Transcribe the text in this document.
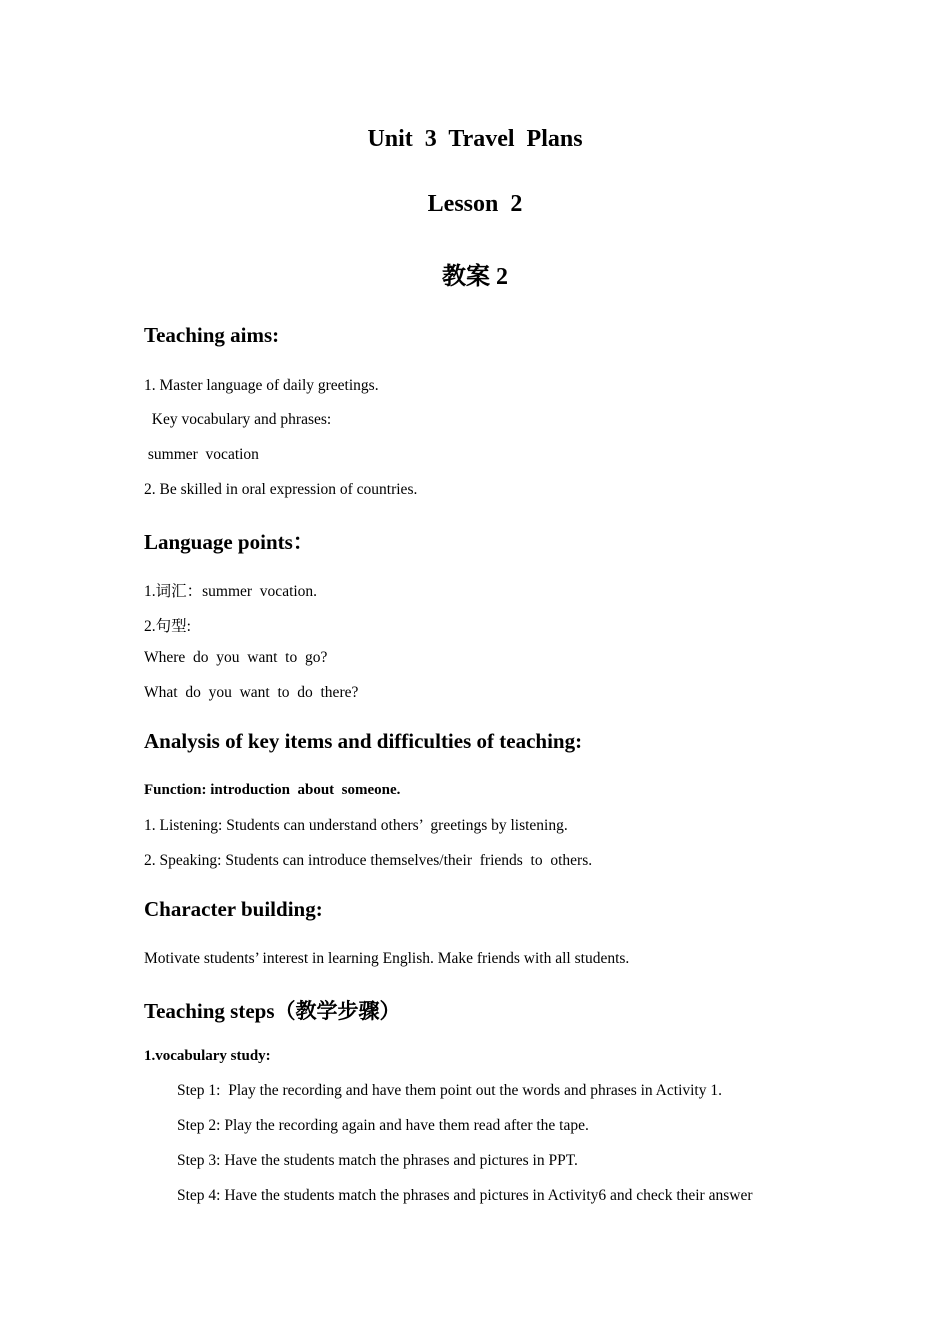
Unit  3  Travel  Plans
Lesson  2
教案 2
Teaching aims:
1. Master language of daily greetings.
Key vocabulary and phrases:
summer  vocation
2. Be skilled in oral expression of countries.
Language points：
1.词汇：summer  vocation.
2.句型:
Where  do  you  want  to  go?
What  do  you  want  to  do  there?
Analysis of key items and difficulties of teaching:
Function: introduction  about  someone.
1. Listening: Students can understand others’  greetings by listening.
2. Speaking: Students can introduce themselves/their  friends  to  others.
Character building:
Motivate students’ interest in learning English. Make friends with all students.
Teaching steps（教学步骤）
1.vocabulary study:
Step 1:  Play the recording and have them point out the words and phrases in Activity 1.
Step 2: Play the recording again and have them read after the tape.
Step 3: Have the students match the phrases and pictures in PPT.
Step 4: Have the students match the phrases and pictures in Activity6 and check their answer
